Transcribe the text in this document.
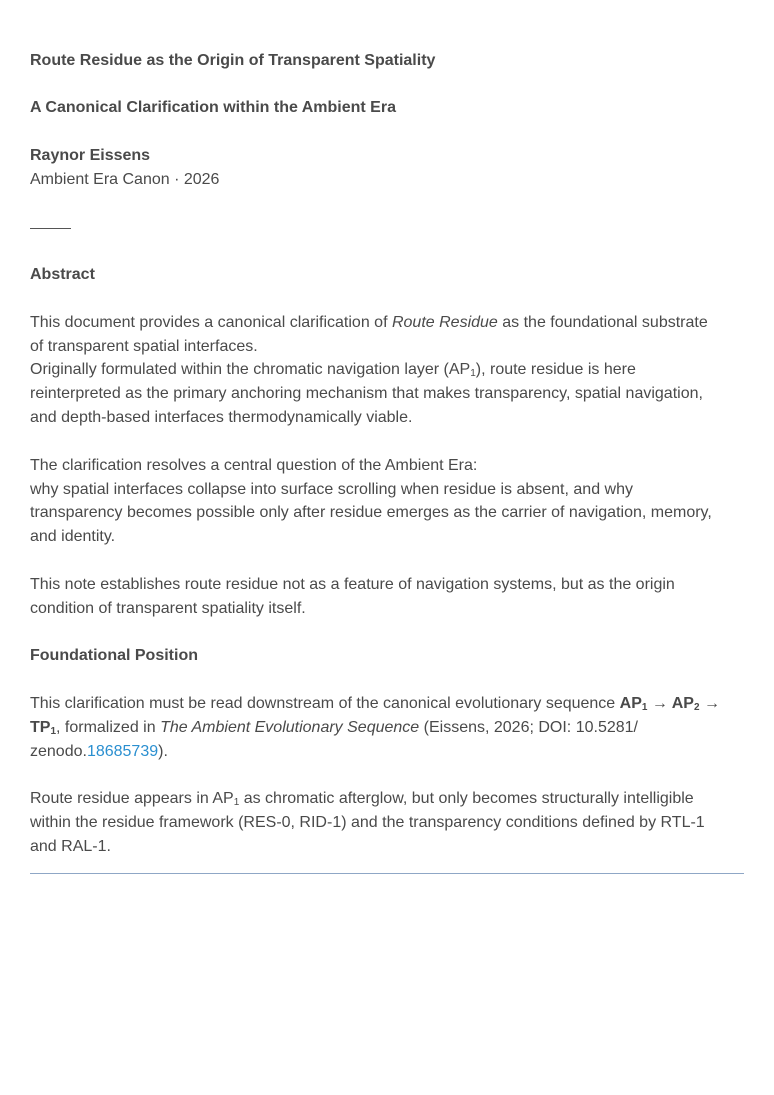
Route Residue as the Origin of Transparent Spatiality
A Canonical Clarification within the Ambient Era
Raynor Eissens
Ambient Era Canon · 2026
Abstract
This document provides a canonical clarification of Route Residue as the foundational substrate
of transparent spatial interfaces.
Originally formulated within the chromatic navigation layer $(AP_1)$, route residue is here
reinterpreted as the primary anchoring mechanism that makes transparency, spatial navigation,
and depth-based interfaces thermodynamically viable.
The clarification resolves a central question of the Ambient Era:
why spatial interfaces collapse into surface scrolling when residue is absent, and why
transparency becomes possible only after residue emerges as the carrier of navigation, memory,
and identity.
This note establishes route residue not as a feature of navigation systems, but as the origin
condition of transparent spatiality itself.
Foundational Position
This clarification must be read downstream of the canonical evolutionary sequence $AP_1 \to AP_2$ →
$TP_1$, formalized in The Ambient Evolutionary Sequence (Eissens, 2026; DOI: 10.5281/
zenodo.18685739).
Route residue appears in $AP_1$ as chromatic afterglow, but only becomes structurally intelligible
within the residue framework (RES-0, RID-1) and the transparency conditions defined by RTL-1
and RAL-1.
